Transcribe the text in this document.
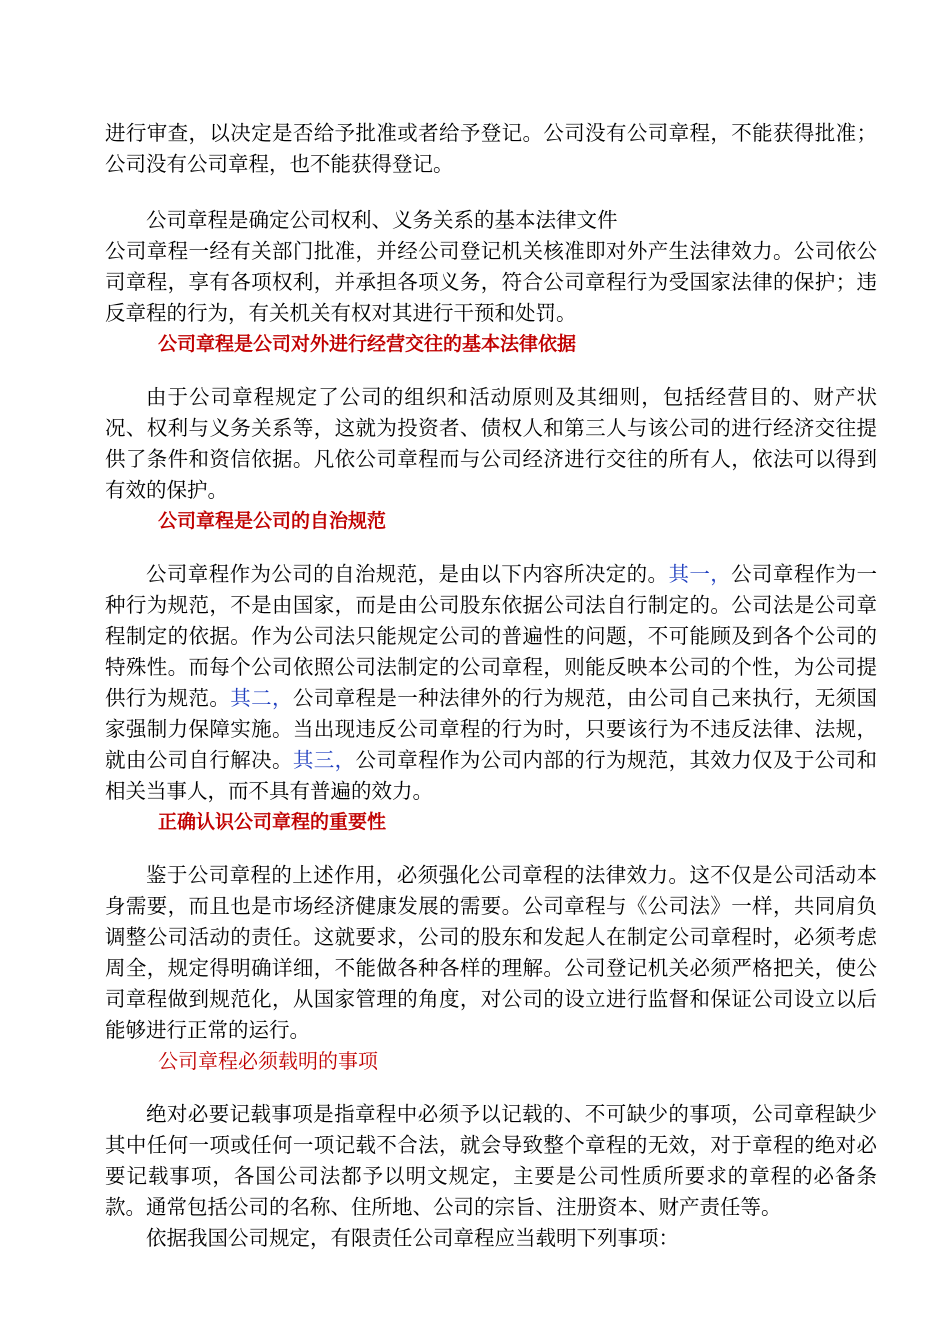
进行审查，以决定是否给予批准或者给予登记。公司没有公司章程，不能获得批准；公司没有公司章程，也不能获得登记。

公司章程是确定公司权利、义务关系的基本法律文件

公司章程一经有关部门批准，并经公司登记机关核准即对外产生法律效力。公司依公司章程，享有各项权利，并承担各项义务，符合公司章程行为受国家法律的保护；违反章程的行为，有关机关有权对其进行干预和处罚。

公司章程是公司对外进行经营交往的基本法律依据

由于公司章程规定了公司的组织和活动原则及其细则，包括经营目的、财产状况、权利与义务关系等，这就为投资者、债权人和第三人与该公司的进行经济交往提供了条件和资信依据。凡依公司章程而与公司经济进行交往的所有人，依法可以得到有效的保护。

公司章程是公司的自治规范

公司章程作为公司的自治规范，是由以下内容所决定的。其一，公司章程作为一种行为规范，不是由国家，而是由公司股东依据公司法自行制定的。公司法是公司章程制定的依据。作为公司法只能规定公司的普遍性的问题，不可能顾及到各个公司的特殊性。而每个公司依照公司法制定的公司章程，则能反映本公司的个性，为公司提供行为规范。其二，公司章程是一种法律外的行为规范，由公司自己来执行，无须国家强制力保障实施。当出现违反公司章程的行为时，只要该行为不违反法律、法规，就由公司自行解决。其三，公司章程作为公司内部的行为规范，其效力仅及于公司和相关当事人，而不具有普遍的效力。

正确认识公司章程的重要性

鉴于公司章程的上述作用，必须强化公司章程的法律效力。这不仅是公司活动本身需要，而且也是市场经济健康发展的需要。公司章程与《公司法》一样，共同肩负调整公司活动的责任。这就要求，公司的股东和发起人在制定公司章程时，必须考虑周全，规定得明确详细，不能做各种各样的理解。公司登记机关必须严格把关，使公司章程做到规范化，从国家管理的角度，对公司的设立进行监督和保证公司设立以后能够进行正常的运行。

公司章程必须载明的事项

绝对必要记载事项是指章程中必须予以记载的、不可缺少的事项，公司章程缺少其中任何一项或任何一项记载不合法，就会导致整个章程的无效，对于章程的绝对必要记载事项，各国公司法都予以明文规定，主要是公司性质所要求的章程的必备条款。通常包括公司的名称、住所地、公司的宗旨、注册资本、财产责任等。

依据我国公司规定，有限责任公司章程应当载明下列事项：
